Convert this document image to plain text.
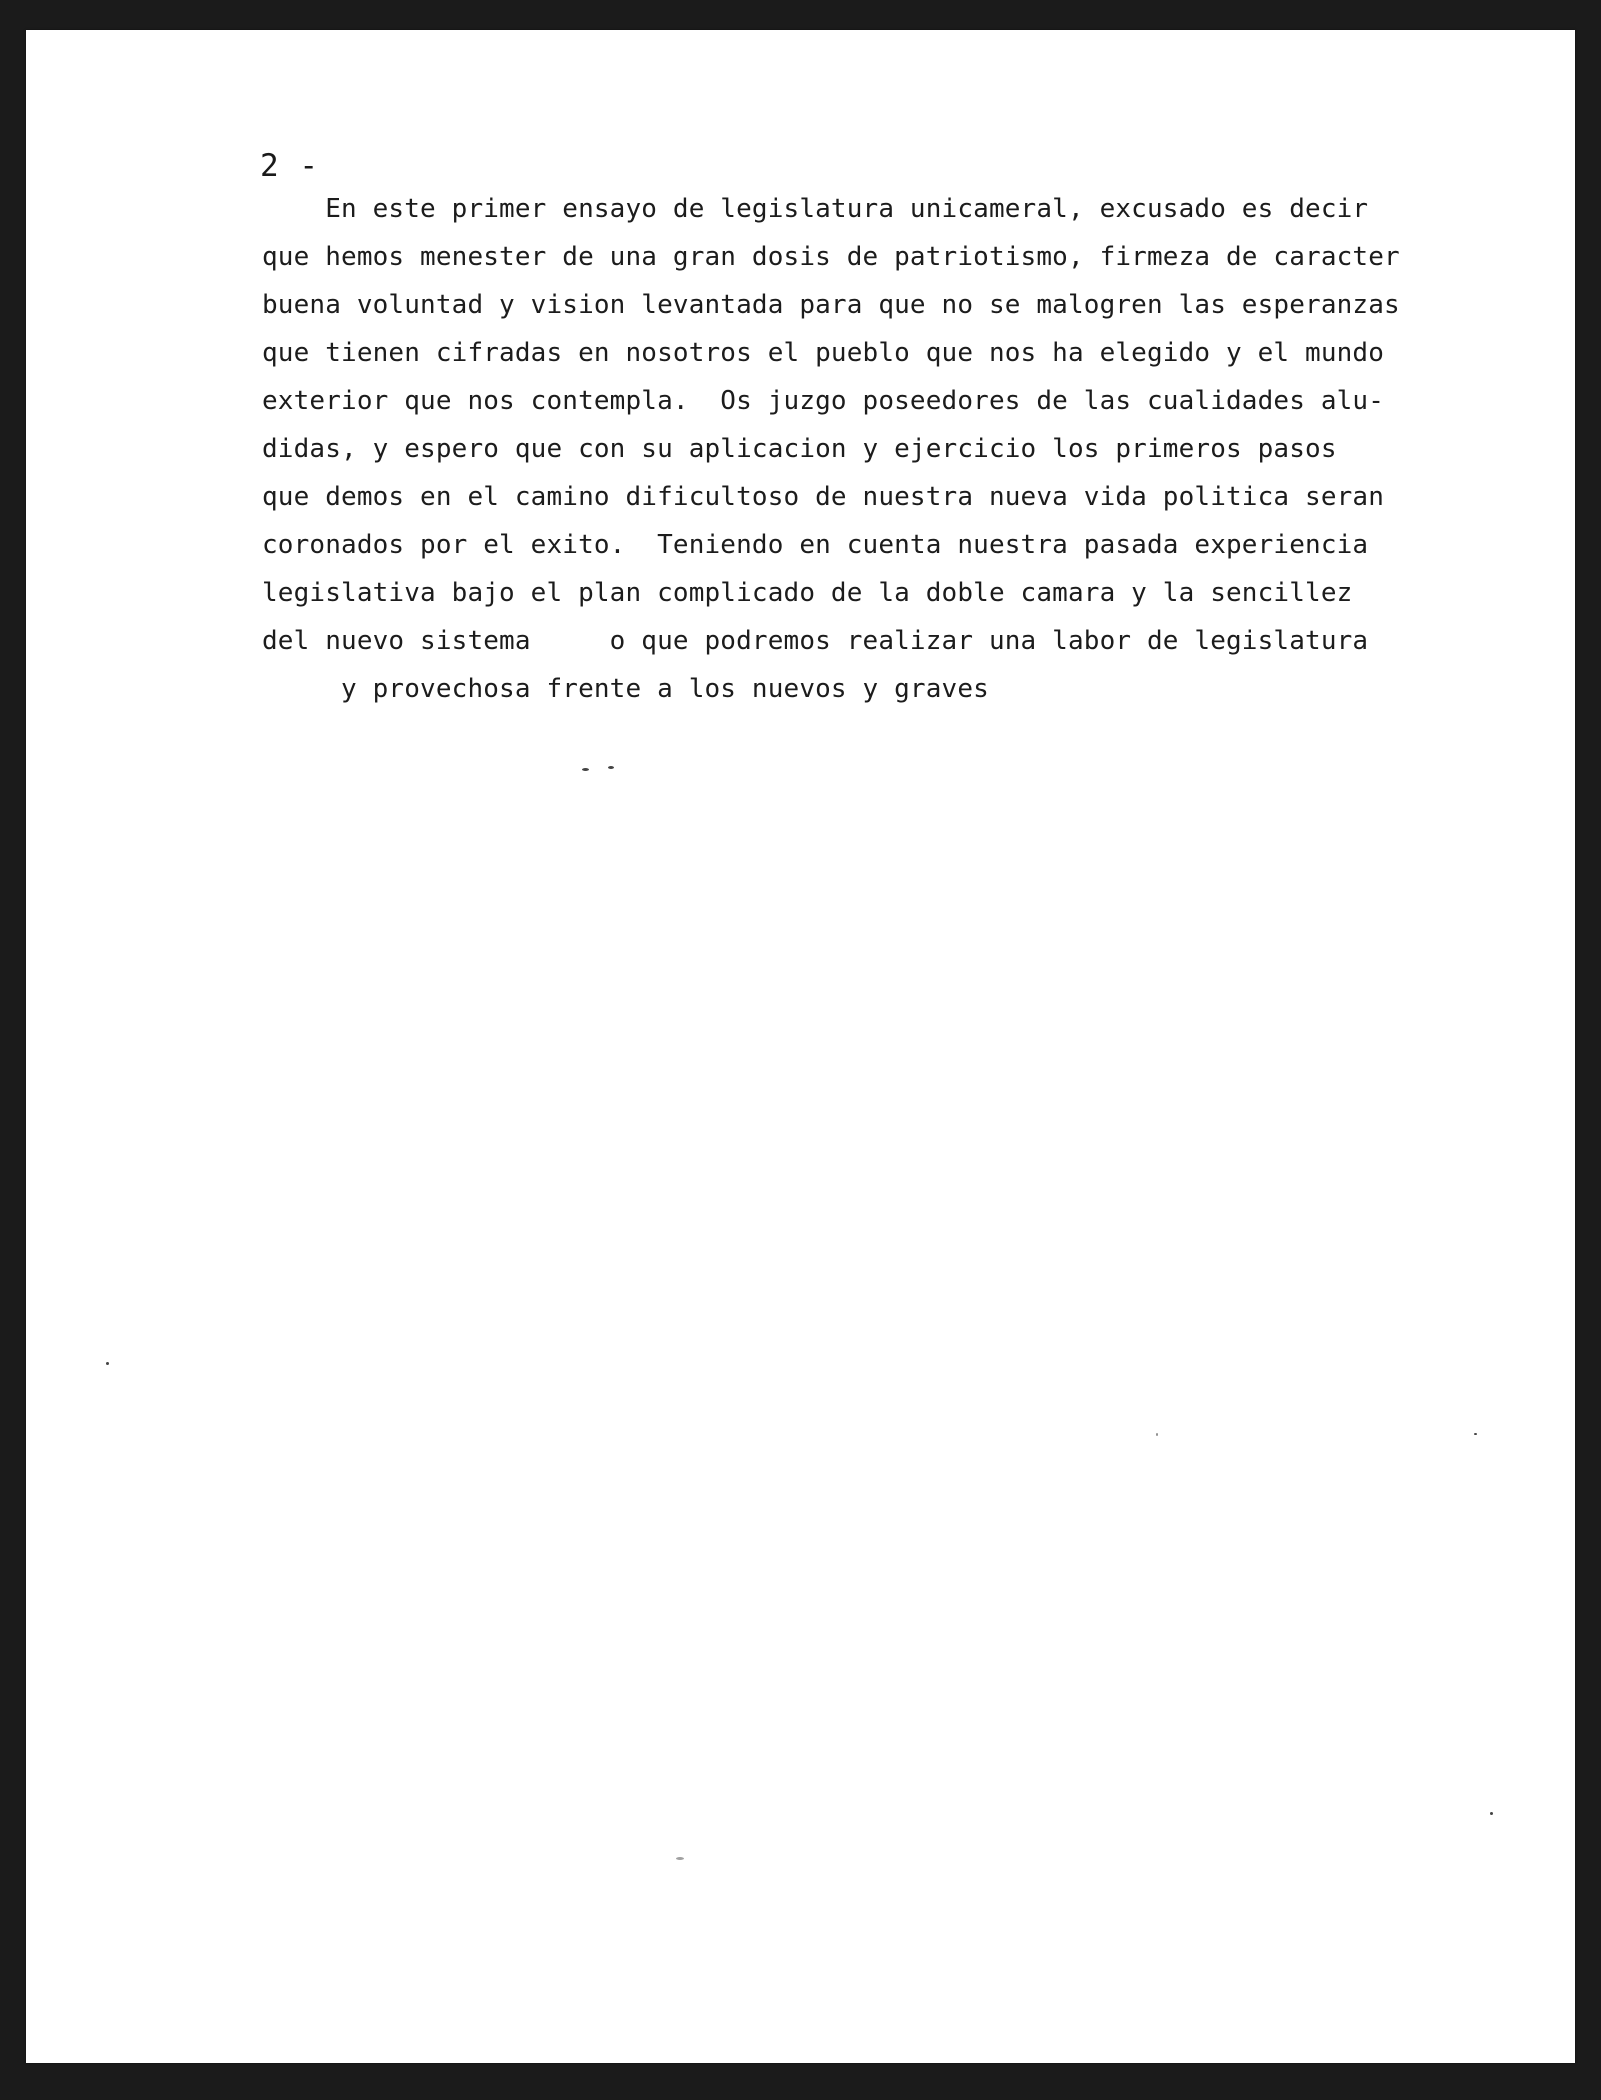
2 -
En este primer ensayo de legislatura unicameral, excusado es decir
que hemos menester de una gran dosis de patriotismo, firmeza de caracter
buena voluntad y vision levantada para que no se malogren las esperanzas
que tienen cifradas en nosotros el pueblo que nos ha elegido y el mundo
exterior que nos contempla.  Os juzgo poseedores de las cualidades alu-
didas, y espero que con su aplicacion y ejercicio los primeros pasos
que demos en el camino dificultoso de nuestra nueva vida politica seran
coronados por el exito.  Teniendo en cuenta nuestra pasada experiencia
legislativa bajo el plan complicado de la doble camara y la sencillez
del nuevo sistema     o que podremos realizar una labor de legislatura
y provechosa frente a los nuevos y graves
